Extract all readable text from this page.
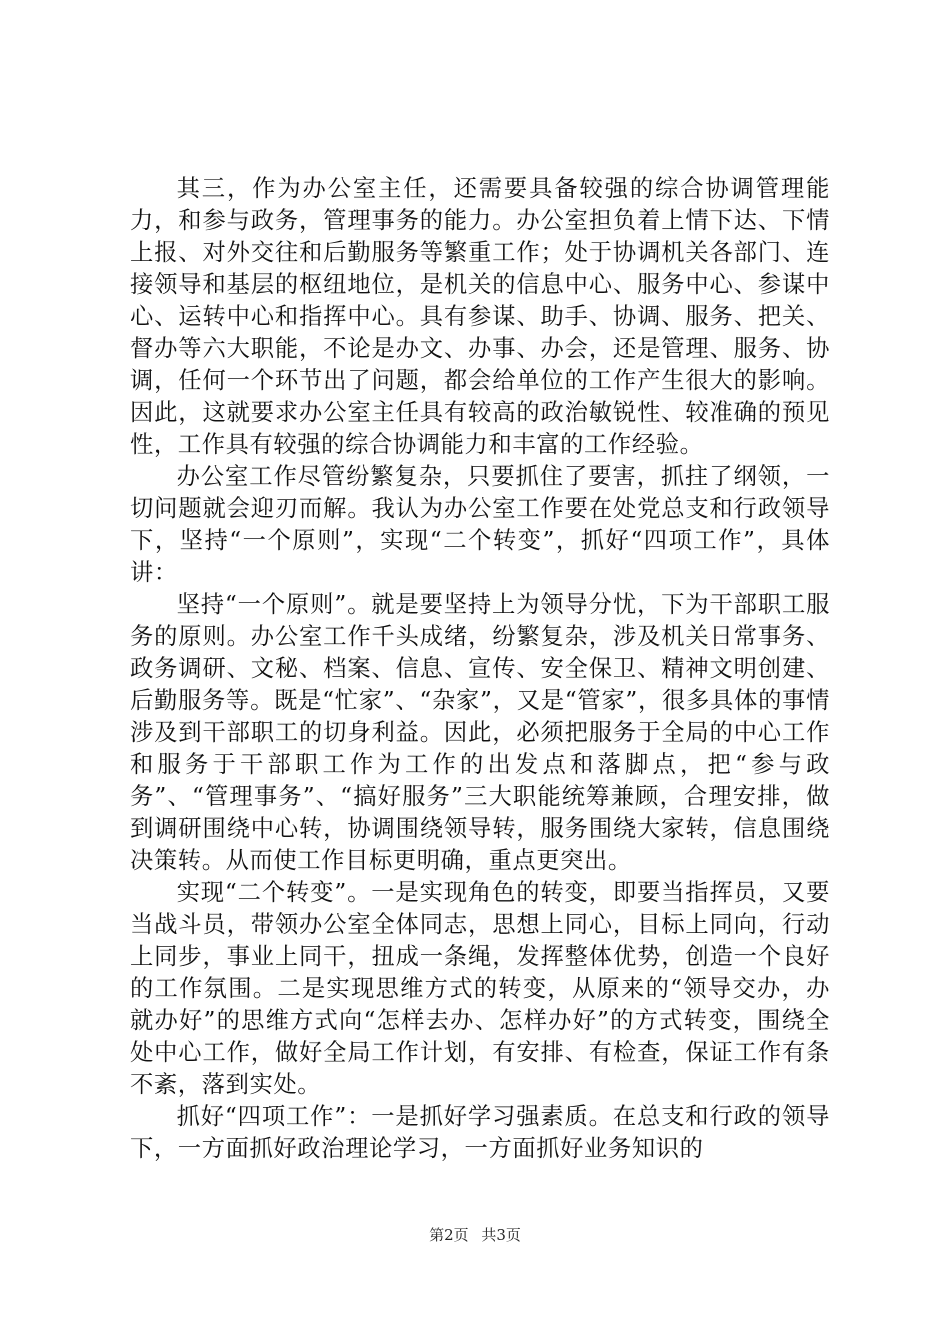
其三，作为办公室主任，还需要具备较强的综合协调管理能力，和参与政务，管理事务的能力。办公室担负着上情下达、下情上报、对外交往和后勤服务等繁重工作；处于协调机关各部门、连接领导和基层的枢纽地位，是机关的信息中心、服务中心、参谋中心、运转中心和指挥中心。具有参谋、助手、协调、服务、把关、督办等六大职能，不论是办文、办事、办会，还是管理、服务、协调，任何一个环节出了问题，都会给单位的工作产生很大的影响。因此，这就要求办公室主任具有较高的政治敏锐性、较准确的预见性，工作具有较强的综合协调能力和丰富的工作经验。

办公室工作尽管纷繁复杂，只要抓住了要害，抓拄了纲领，一切问题就会迎刃而解。我认为办公室工作要在处党总支和行政领导下，坚持“一个原则”，实现“二个转变”，抓好“四项工作”，具体讲：

坚持“一个原则”。就是要坚持上为领导分忧，下为干部职工服务的原则。办公室工作千头成绪，纷繁复杂，涉及机关日常事务、政务调研、文秘、档案、信息、宣传、安全保卫、精神文明创建、后勤服务等。既是“忙家”、“杂家”，又是“管家”，很多具体的事情涉及到干部职工的切身利益。因此，必须把服务于全局的中心工作和服务于干部职工作为工作的出发点和落脚点，把“参与政务”、“管理事务”、“搞好服务”三大职能统筹兼顾，合理安排，做到调研围绕中心转，协调围绕领导转，服务围绕大家转，信息围绕决策转。从而使工作目标更明确，重点更突出。

实现“二个转变”。一是实现角色的转变，即要当指挥员，又要当战斗员，带领办公室全体同志，思想上同心，目标上同向，行动上同步，事业上同干，扭成一条绳，发挥整体优势，创造一个良好的工作氛围。二是实现思维方式的转变，从原来的“领导交办，办就办好”的思维方式向“怎样去办、怎样办好”的方式转变，围绕全处中心工作，做好全局工作计划，有安排、有检查，保证工作有条不紊，落到实处。

抓好“四项工作”：一是抓好学习强素质。在总支和行政的领导下，一方面抓好政治理论学习，一方面抓好业务知识的

第2页 共3页
